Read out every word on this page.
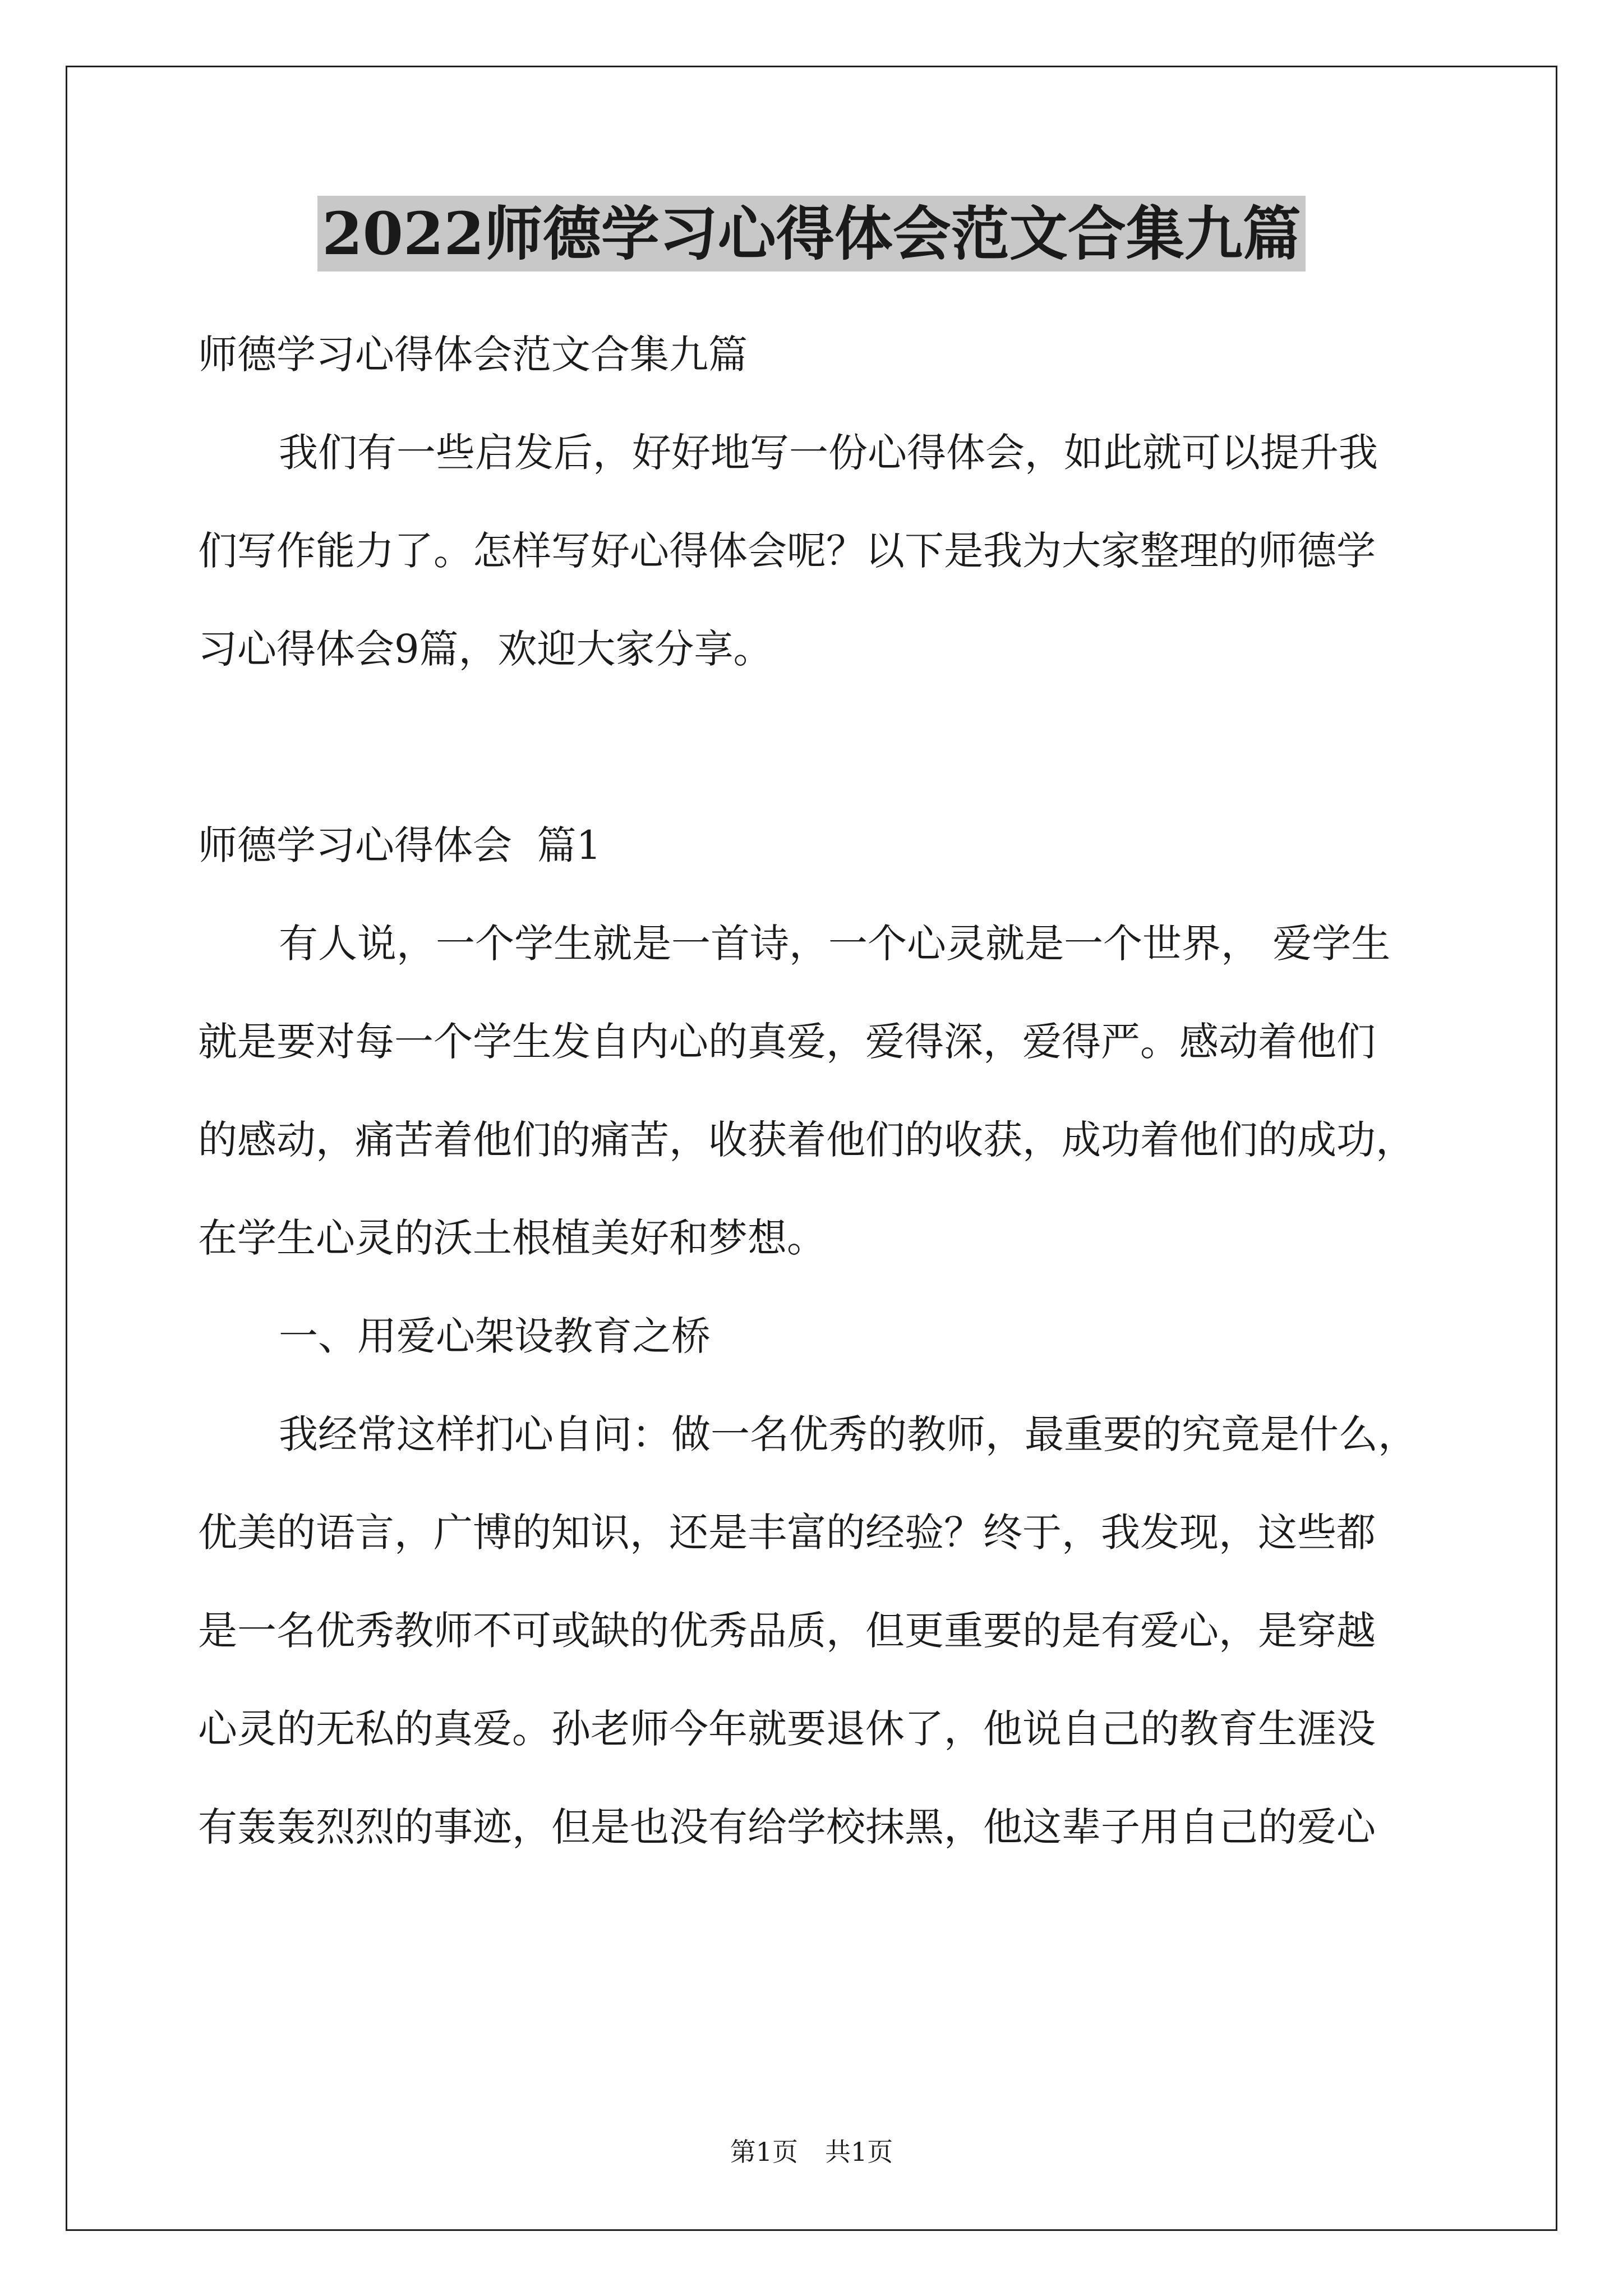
2022师德学习心得体会范文合集九篇
师德学习心得体会范文合集九篇
我们有一些启发后，好好地写一份心得体会，如此就可以提升我
们写作能力了。怎样写好心得体会呢？以下是我为大家整理的师德学
习心得体会9篇，欢迎大家分享。
师德学习心得体会  篇1
有人说，一个学生就是一首诗，一个心灵就是一个世界， 爱学生
就是要对每一个学生发自内心的真爱，爱得深，爱得严。感动着他们
的感动，痛苦着他们的痛苦，收获着他们的收获，成功着他们的成功，
在学生心灵的沃土根植美好和梦想。
一、用爱心架设教育之桥
我经常这样扪心自问：做一名优秀的教师，最重要的究竟是什么，
优美的语言，广博的知识，还是丰富的经验？终于，我发现，这些都
是一名优秀教师不可或缺的优秀品质，但更重要的是有爱心，是穿越
心灵的无私的真爱。孙老师今年就要退休了，他说自己的教育生涯没
有轰轰烈烈的事迹，但是也没有给学校抹黑，他这辈子用自己的爱心
第1页 共1页
